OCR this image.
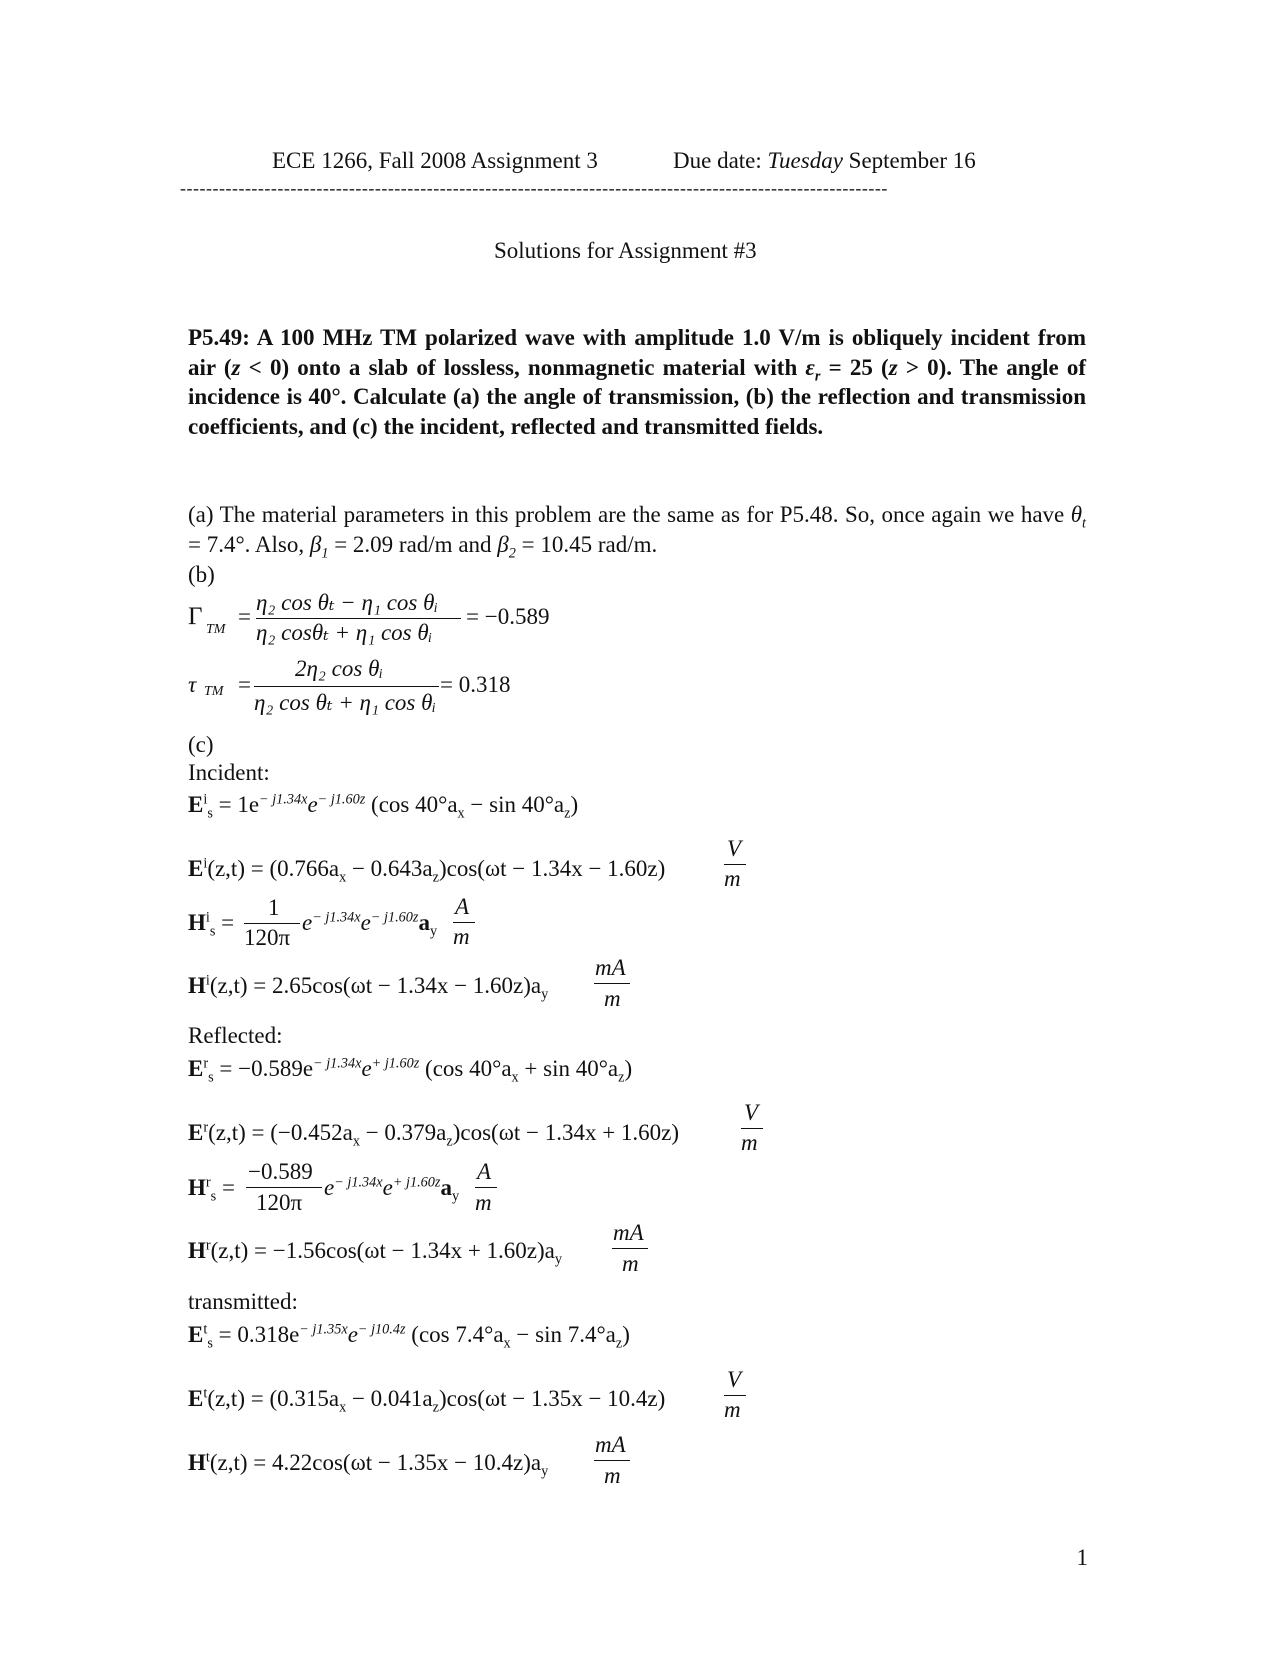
ECE 1266, Fall 2008 Assignment 3	Due date: Tuesday September 16
-------------------------------------------------------------------------------------------------------------
Solutions for Assignment #3
P5.49: A 100 MHz TM polarized wave with amplitude 1.0 V/m is obliquely incident from air (z < 0) onto a slab of lossless, nonmagnetic material with $\varepsilon_r = 25$ (z > 0). The angle of incidence is 40°. Calculate (a) the angle of transmission, (b) the reflection and transmission coefficients, and (c) the incident, reflected and transmitted fields.
(a) The material parameters in this problem are the same as for P5.48. So, once again we have $\theta_t = 7.4^\circ$. Also, $\beta_1 = 2.09$ rad/m and $\beta_2 = 10.45$ rad/m.
(b)
Γ TM
=
η₂ cos θₜ − η₁ cos θᵢ
η₂ cosθₜ + η₁ cos θᵢ
= −0.589
τ TM =
2η₂ cos θᵢ
η₂ cos θₜ + η₁ cos θᵢ
= 0.318
(c)
Incident:
$E^i_s = 1e^{- j1.34x}e^{- j1.60z}$ (cos $40^\circ a_x - \sin 40^\circ a_z$)
$E^i(z,t) = (0.766a_x - 0.643a_z)\cos(\omega t - 1.34x - 1.60z)$
V
m
$H^i_s$ =
1
120π
$e^{- j1.34x}e^{- j1.60z}a_y$
A
m
$H^i(z,t) = 2.65\cos(\omega t - 1.34x - 1.60z)a_y$
mA
m
Reflected:
$E^r_s = -0.589e^{- j1.34x}e^{+ j1.60z}$ (cos $40^\circ a_x + \sin 40^\circ a_z$)
$E^r(z,t) = (-0.452a_x - 0.379a_z)\cos(\omega t - 1.34x + 1.60z)$
V
m
$H^r_s$ =
−0.589
120π
$e^{- j1.34x}e^{+ j1.60z}a_y$
A
m
$H^r(z,t) = -1.56\cos(\omega t - 1.34x + 1.60z)a_y$
mA
m
transmitted:
$E^t_s = 0.318e^{- j1.35x}e^{- j10.4z}$ (cos $7.4^\circ a_x - \sin 7.4^\circ a_z$)
$E^t(z,t) = (0.315a_x - 0.041a_z)\cos(\omega t - 1.35x - 10.4z)$
V
m
$H^t(z,t) = 4.22\cos(\omega t - 1.35x - 10.4z)a_y$
mA
m
1
